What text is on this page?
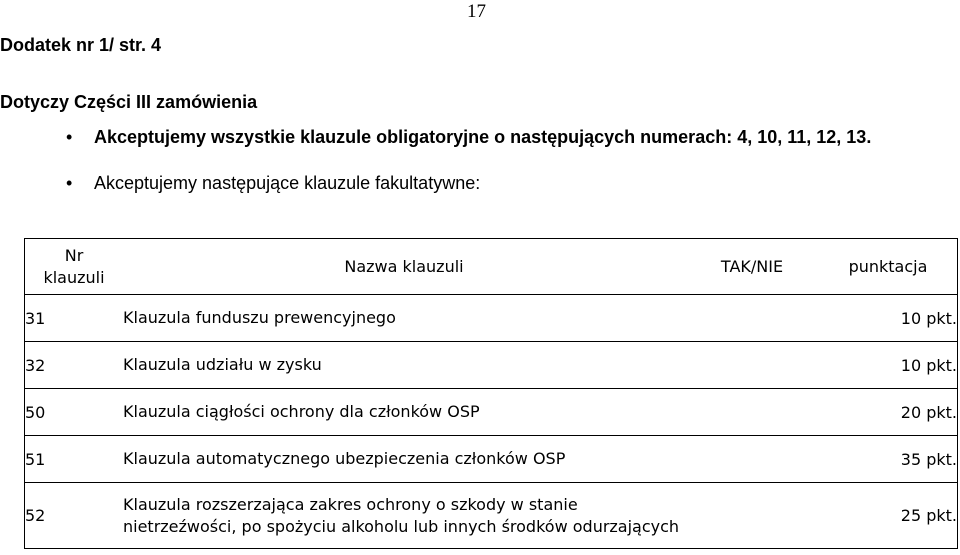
17
Dodatek nr 1/ str. 4
Dotyczy Części III zamówienia
• Akceptujemy wszystkie klauzule obligatoryjne o następujących numerach: 4, 10, 11, 12, 13.
• Akceptujemy następujące klauzule fakultatywne:
Nr
klauzuli	Nazwa klauzuli	TAK/NIE	punktacja
31	Klauzula funduszu prewencyjnego		10 pkt.
32	Klauzula udziału w zysku		10 pkt.
50	Klauzula ciągłości ochrony dla członków OSP		20 pkt.
51	Klauzula automatycznego ubezpieczenia członków OSP		35 pkt.
52	Klauzula rozszerzająca zakres ochrony o szkody w stanie nietrzeźwości, po spożyciu alkoholu lub innych środków odurzających		25 pkt.
